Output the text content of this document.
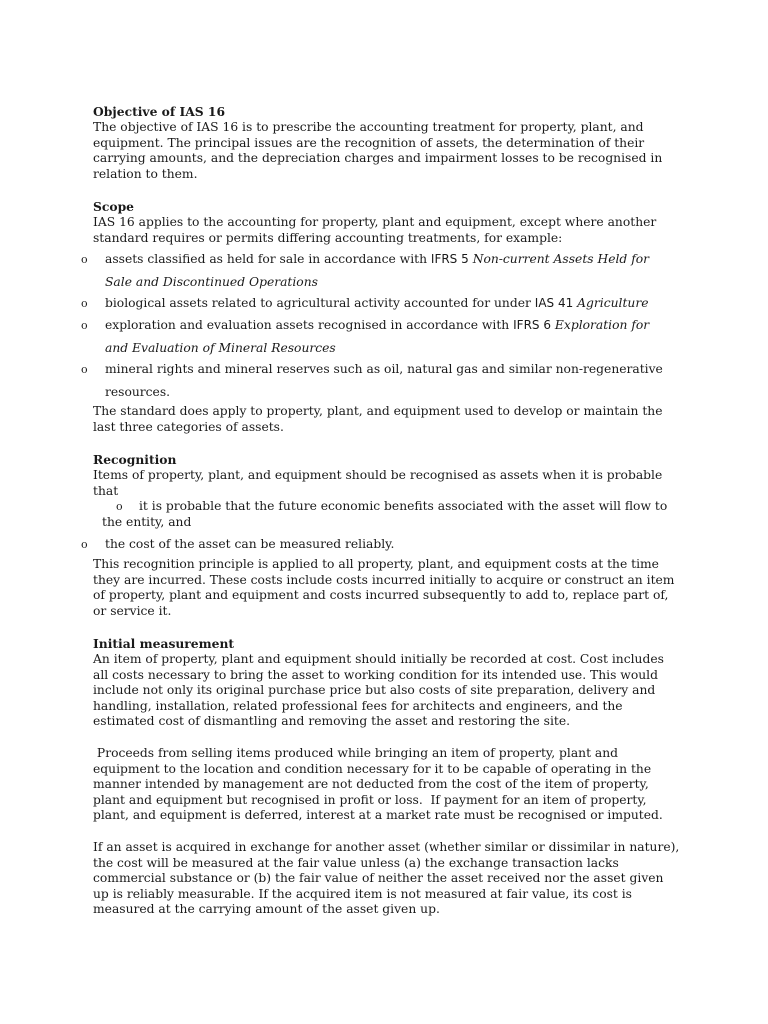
Objective of IAS 16

The objective of IAS 16 is to prescribe the accounting treatment for property, plant, and equipment. The principal issues are the recognition of assets, the determination of their carrying amounts, and the depreciation charges and impairment losses to be recognised in relation to them.

Scope

IAS 16 applies to the accounting for property, plant and equipment, except where another standard requires or permits differing accounting treatments, for example:

o assets classified as held for sale in accordance with IFRS 5 Non-current Assets Held for Sale and Discontinued Operations

o biological assets related to agricultural activity accounted for under IAS 41 Agriculture

o exploration and evaluation assets recognised in accordance with IFRS 6 Exploration for and Evaluation of Mineral Resources

o mineral rights and mineral reserves such as oil, natural gas and similar non-regenerative resources.

The standard does apply to property, plant, and equipment used to develop or maintain the last three categories of assets.

Recognition

Items of property, plant, and equipment should be recognised as assets when it is probable that

o	it is probable that the future economic benefits associated with the asset will flow to the entity, and

o the cost of the asset can be measured reliably.

This recognition principle is applied to all property, plant, and equipment costs at the time they are incurred. These costs include costs incurred initially to acquire or construct an item of property, plant and equipment and costs incurred subsequently to add to, replace part of, or service it.

Initial measurement

An item of property, plant and equipment should initially be recorded at cost. Cost includes all costs necessary to bring the asset to working condition for its intended use. This would include not only its original purchase price but also costs of site preparation, delivery and handling, installation, related professional fees for architects and engineers, and the estimated cost of dismantling and removing the asset and restoring the site.

Proceeds from selling items produced while bringing an item of property, plant and equipment to the location and condition necessary for it to be capable of operating in the manner intended by management are not deducted from the cost of the item of property, plant and equipment but recognised in profit or loss.  If payment for an item of property, plant, and equipment is deferred, interest at a market rate must be recognised or imputed.

If an asset is acquired in exchange for another asset (whether similar or dissimilar in nature), the cost will be measured at the fair value unless (a) the exchange transaction lacks commercial substance or (b) the fair value of neither the asset received nor the asset given up is reliably measurable. If the acquired item is not measured at fair value, its cost is measured at the carrying amount of the asset given up.
